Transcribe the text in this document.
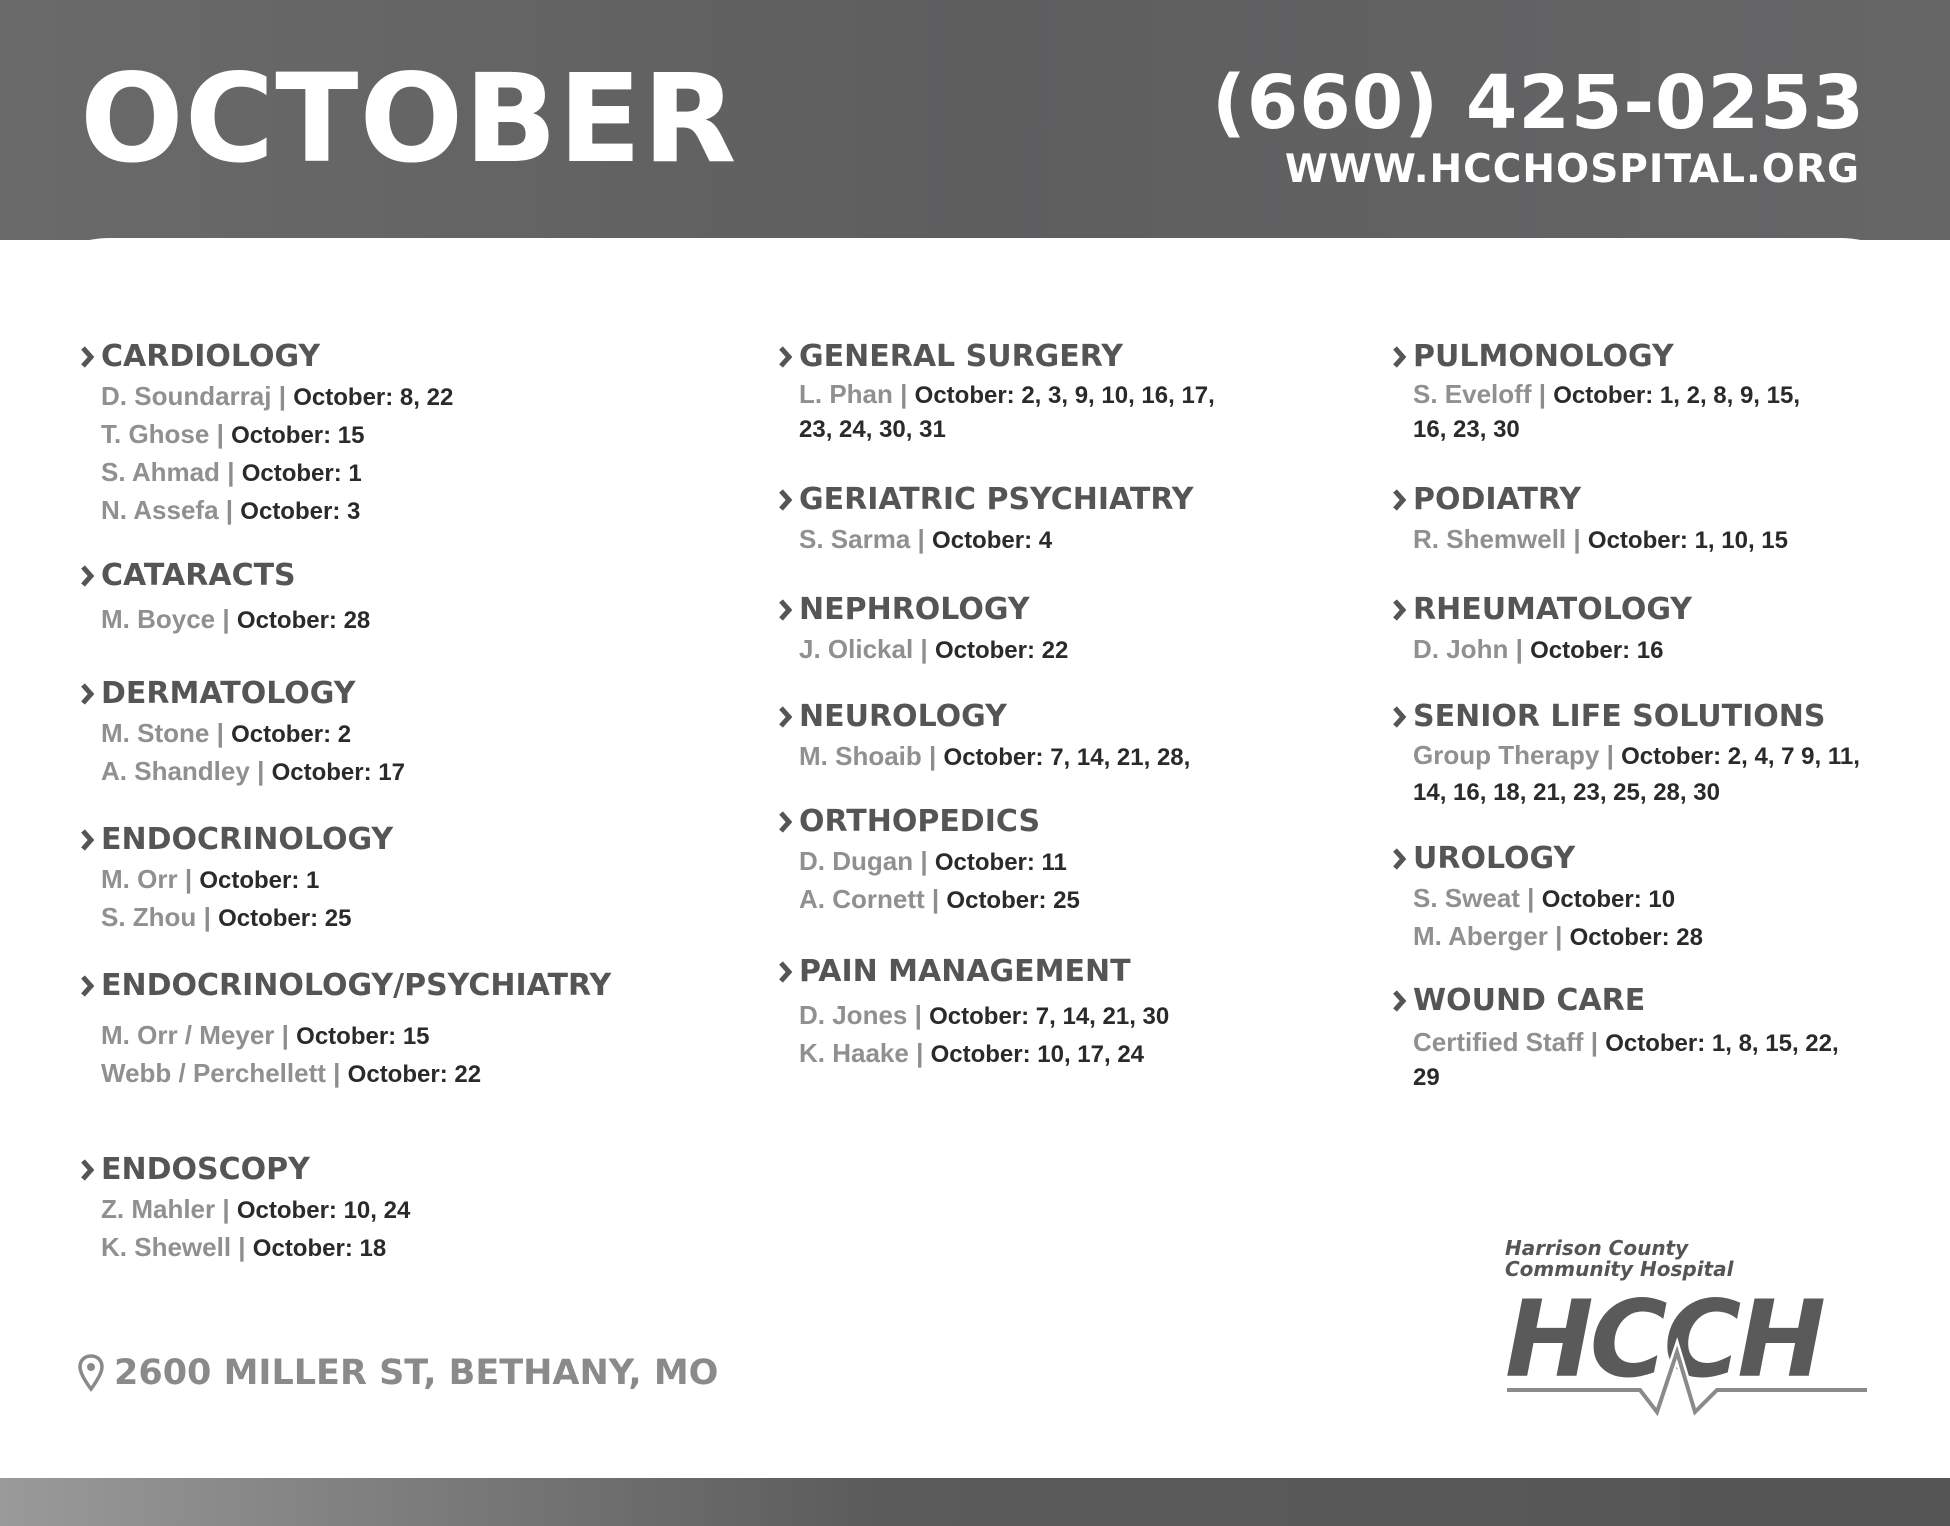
OCTOBER	(660) 425-0253
WWW.HCCHOSPITAL.ORG
CARDIOLOGY
D. Soundarraj | October: 8, 22
T. Ghose | October: 15
S. Ahmad | October: 1
N. Assefa | October: 3
CATARACTS
M. Boyce | October: 28
DERMATOLOGY
M. Stone | October: 2
A. Shandley | October: 17
ENDOCRINOLOGY
M. Orr | October: 1
S. Zhou | October: 25
ENDOCRINOLOGY/PSYCHIATRY
M. Orr / Meyer | October: 15
Webb / Perchellett | October: 22
ENDOSCOPY
Z. Mahler | October: 10, 24
K. Shewell | October: 18
GENERAL SURGERY
L. Phan | October: 2, 3, 9, 10, 16, 17, 23, 24, 30, 31
GERIATRIC PSYCHIATRY
S. Sarma | October: 4
NEPHROLOGY
J. Olickal | October: 22
NEUROLOGY
M. Shoaib | October: 7, 14, 21, 28,
ORTHOPEDICS
D. Dugan | October: 11
A. Cornett | October: 25
PAIN MANAGEMENT
D. Jones | October: 7, 14, 21, 30
K. Haake | October: 10, 17, 24
PULMONOLOGY
S. Eveloff | October: 1, 2, 8, 9, 15, 16, 23, 30
PODIATRY
R. Shemwell | October: 1, 10, 15
RHEUMATOLOGY
D. John | October: 16
SENIOR LIFE SOLUTIONS
Group Therapy | October: 2, 4, 7 9, 11, 14, 16, 18, 21, 23, 25, 28, 30
UROLOGY
S. Sweat | October: 10
M. Aberger | October: 28
WOUND CARE
Certified Staff | October: 1, 8, 15, 22, 29
2600 MILLER ST, BETHANY, MO
Harrison County
Community Hospital
HCCH
